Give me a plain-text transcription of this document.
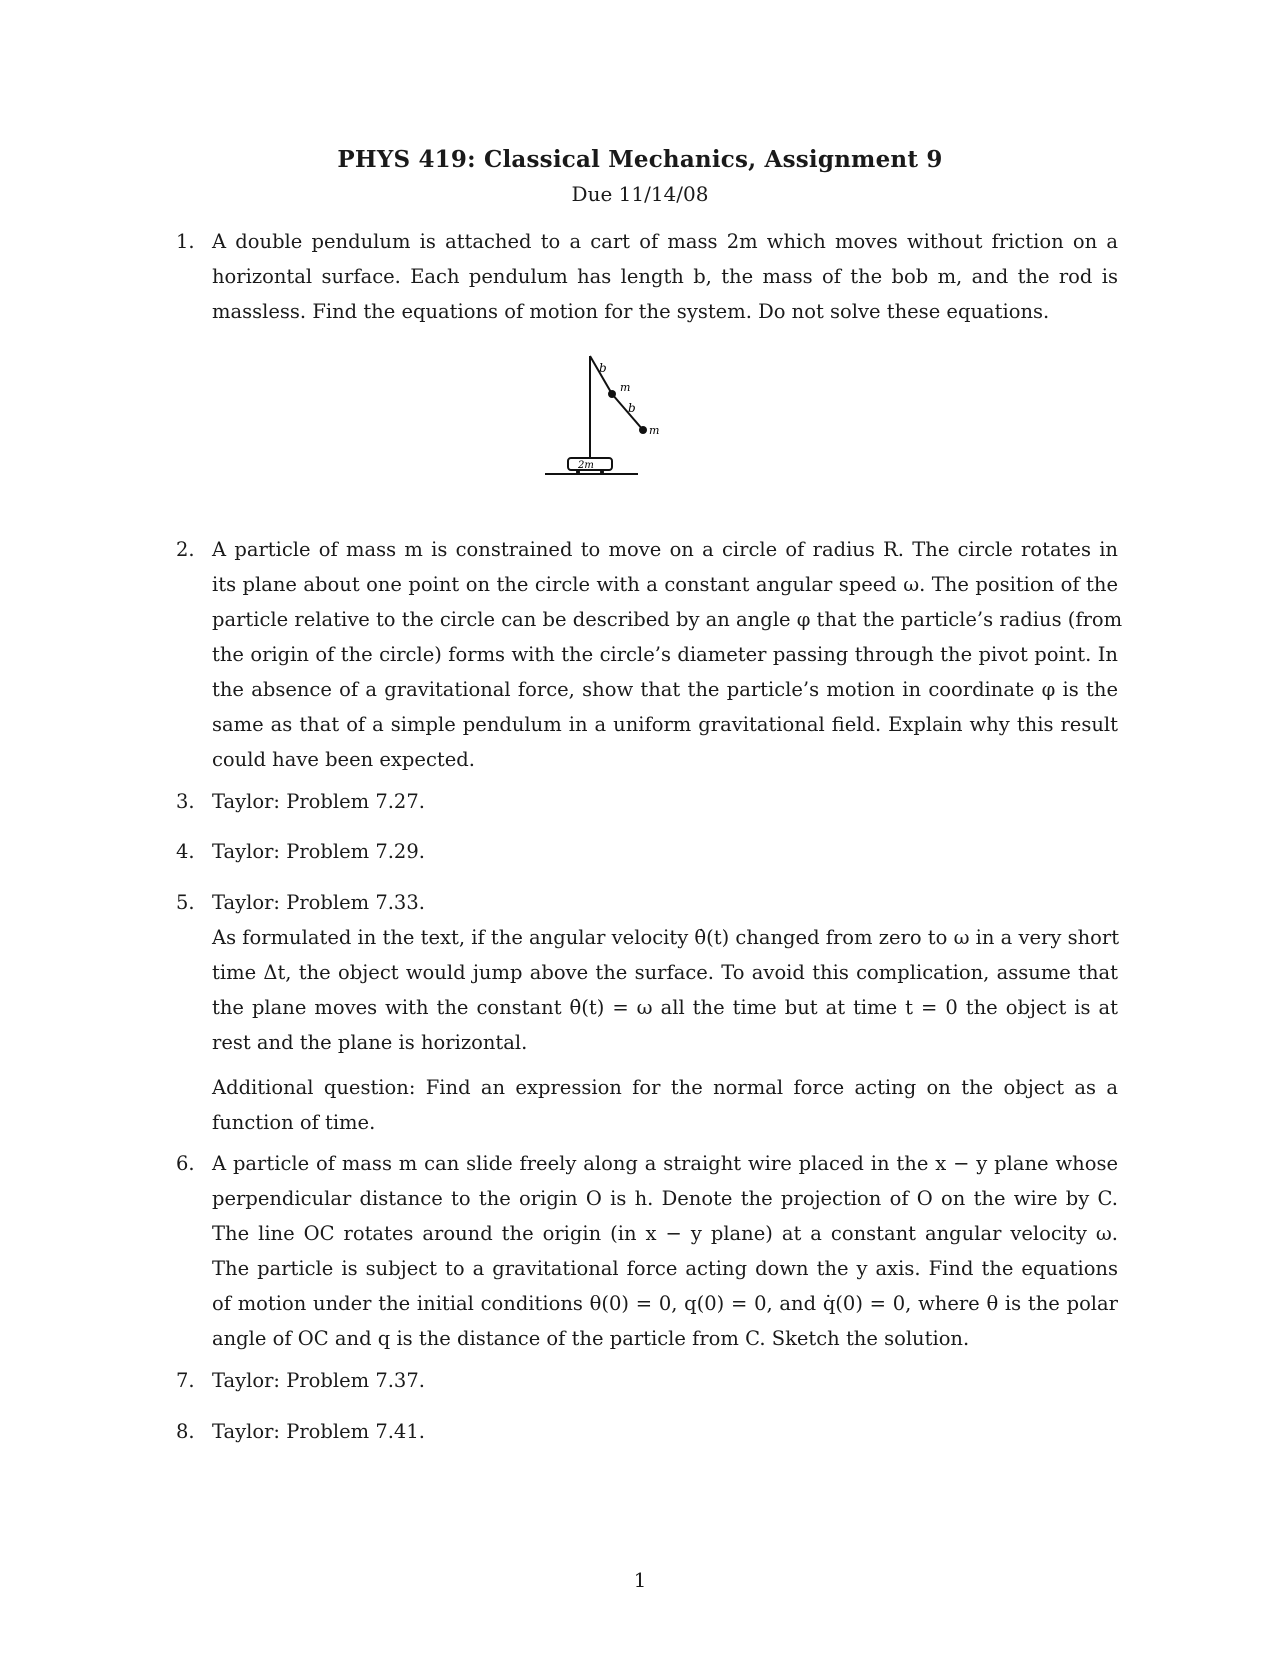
PHYS 419: Classical Mechanics, Assignment 9
Due 11/14/08
1. A double pendulum is attached to a cart of mass 2m which moves without friction on a
horizontal surface. Each pendulum has length b, the mass of the bob m, and the rod is
massless. Find the equations of motion for the system. Do not solve these equations.
b
m
b
m
2m
2. A particle of mass m is constrained to move on a circle of radius R. The circle rotates in
its plane about one point on the circle with a constant angular speed ω. The position of the
particle relative to the circle can be described by an angle φ that the particle’s radius (from
the origin of the circle) forms with the circle’s diameter passing through the pivot point. In
the absence of a gravitational force, show that the particle’s motion in coordinate φ is the
same as that of a simple pendulum in a uniform gravitational field. Explain why this result
could have been expected.
3. Taylor: Problem 7.27.
4. Taylor: Problem 7.29.
5. Taylor: Problem 7.33.
As formulated in the text, if the angular velocity θ̇(t) changed from zero to ω in a very short
time Δt, the object would jump above the surface. To avoid this complication, assume that
the plane moves with the constant θ̇(t) = ω all the time but at time t = 0 the object is at
rest and the plane is horizontal.
Additional question: Find an expression for the normal force acting on the object as a
function of time.
6. A particle of mass m can slide freely along a straight wire placed in the x − y plane whose
perpendicular distance to the origin O is h. Denote the projection of O on the wire by C.
The line OC rotates around the origin (in x − y plane) at a constant angular velocity ω.
The particle is subject to a gravitational force acting down the y axis. Find the equations
of motion under the initial conditions θ(0) = 0, q(0) = 0, and q̇(0) = 0, where θ is the polar
angle of OC and q is the distance of the particle from C. Sketch the solution.
7. Taylor: Problem 7.37.
8. Taylor: Problem 7.41.
1
